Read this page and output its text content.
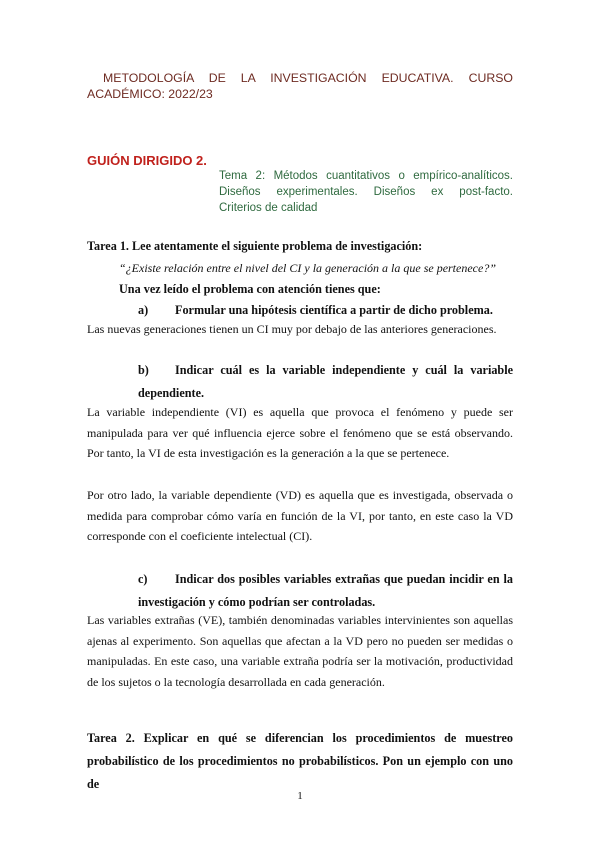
METODOLOGÍA DE LA INVESTIGACIÓN EDUCATIVA. CURSO
ACADÉMICO: 2022/23
GUIÓN DIRIGIDO 2.
Tema 2: Métodos cuantitativos o empírico-analíticos.
Diseños experimentales. Diseños ex post-facto.
Criterios de calidad
Tarea 1. Lee atentamente el siguiente problema de investigación:
“¿Existe relación entre el nivel del CI y la generación a la que se pertenece?”
Una vez leído el problema con atención tienes que:
a)	Formular una hipótesis científica a partir de dicho problema.
Las nuevas generaciones tienen un CI muy por debajo de las anteriores generaciones.
b)	Indicar cuál es la variable independiente y cuál la variable dependiente.
La variable independiente (VI) es aquella que provoca el fenómeno y puede ser manipulada para ver qué influencia ejerce sobre el fenómeno que se está observando. Por tanto, la VI de esta investigación es la generación a la que se pertenece.
Por otro lado, la variable dependiente (VD) es aquella que es investigada, observada o medida para comprobar cómo varía en función de la VI, por tanto, en este caso la VD corresponde con el coeficiente intelectual (CI).
c)	Indicar dos posibles variables extrañas que puedan incidir en la investigación y cómo podrían ser controladas.
Las variables extrañas (VE), también denominadas variables intervinientes son aquellas ajenas al experimento. Son aquellas que afectan a la VD pero no pueden ser medidas o manipuladas. En este caso, una variable extraña podría ser la motivación, productividad de los sujetos o la tecnología desarrollada en cada generación.
Tarea 2. Explicar en qué se diferencian los procedimientos de muestreo
probabilístico de los procedimientos no probabilísticos. Pon un ejemplo con uno de
1
